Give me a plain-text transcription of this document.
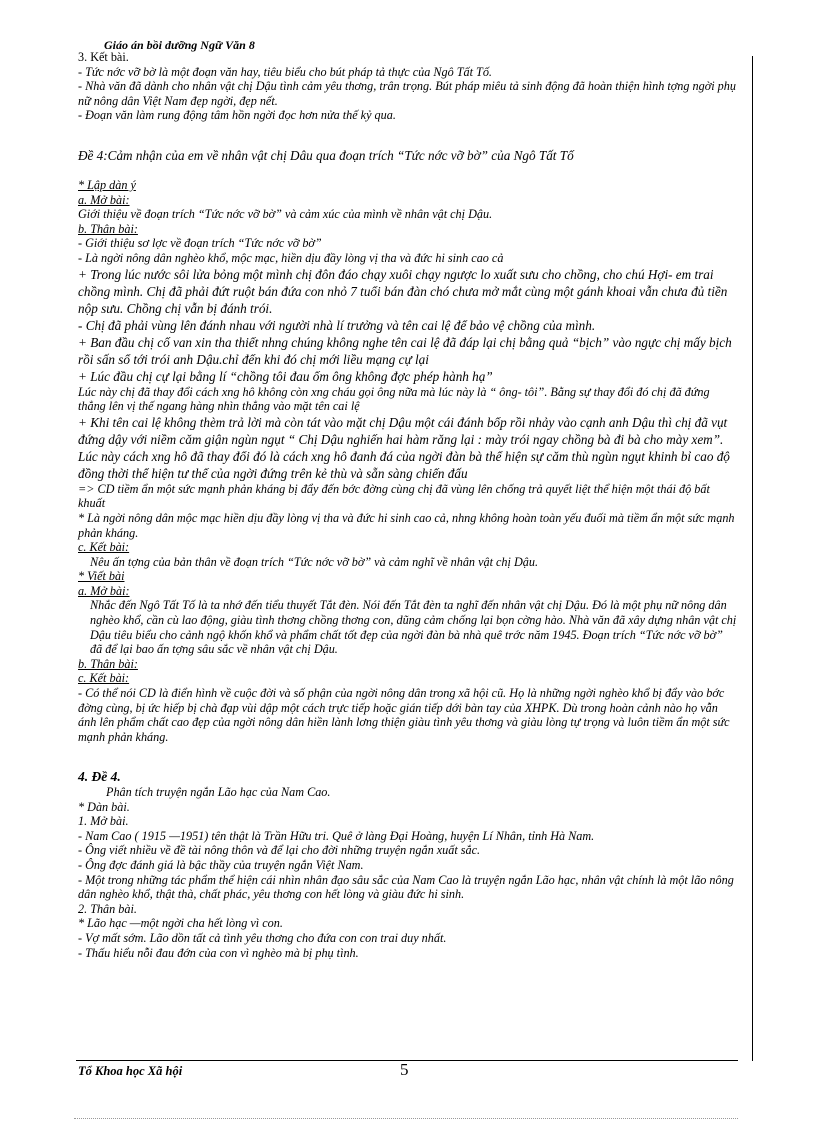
Giáo án bồi dưỡng Ngữ Văn 8

3. Kết bài.

- Tức nớc vỡ bờ là một đoạn văn hay, tiêu biểu cho bút pháp tả thực của Ngô Tất Tố.

- Nhà văn đã dành cho nhân vật chị Dậu tình cảm yêu thơng, trân trọng. Bút pháp miêu tả sinh động đã hoàn thiện hình tợng ngời phụ nữ nông dân Việt Nam đẹp ngời, đẹp nết.

- Đoạn văn làm rung động tâm hồn ngời đọc hơn nửa thế kỷ qua.

Đề 4:Cảm nhận của em về nhân vật chị Dâu qua đoạn trích “Tức nớc vỡ bờ” của Ngô Tất Tố

* Lập dàn ý

a. Mở bài:

Giới thiệu về đoạn trích “Tức nớc vỡ bờ” và cảm xúc của mình về nhân vật chị Dậu.

b. Thân bài:

- Giới thiệu sơ lợc về đoạn trích “Tức nớc vỡ bờ”

- Là ngời nông dân nghèo khổ, mộc mạc, hiền dịu đầy lòng vị tha và đức hi sinh cao cả

+ Trong lúc nước sôi lửa bỏng một mình chị đôn đáo chạy xuôi chạy ngược lo xuất sưu cho chồng, cho chú Hợi- em trai chồng mình. Chị đã phải đứt ruột bán đứa con nhỏ 7 tuổi bán đàn chó chưa mở mắt cùng một gánh khoai vẫn chưa đủ tiền nộp sưu. Chồng chị vẫn bị đánh trói.

- Chị đã phải vùng lên đánh nhau với người nhà lí trưởng và tên cai lệ để bảo vệ chồng của mình.

+ Ban đầu chị cố van xin tha thiết nhng chúng không nghe tên cai lệ đã đáp lại chị bằng quả “bịch” vào ngực chị mấy bịch rồi sấn sổ tới trói anh Dậu.chỉ đến khi đó chị mới liều mạng cự lại

+ Lúc đầu chị cự lại bằng lí “chồng tôi đau ốm ông không đợc phép hành hạ”

Lúc này chị đã thay đổi cách xng hô không còn xng cháu gọi ông nữa mà lúc này là “ ông- tôi”. Bằng sự thay đổi đó chị đã đứng thẳng lên vị thế ngang hàng nhìn thẳng vào mặt tên cai lệ

+ Khi tên cai lệ không thèm trả lời mà còn tát vào mặt chị Dậu một cái đánh bốp rồi nhảy vào cạnh anh Dậu thì chị đã vụt đứng dậy với niềm căm giận ngùn ngụt “ Chị Dậu nghiến hai hàm răng lại : mày trói ngay chồng bà đi bà cho mày xem”. Lúc này cách xng hô đã thay đổi đó là cách xng hô đanh đá của ngời đàn bà thể hiện sự căm thù ngùn ngụt khinh bỉ cao độ đồng thời thể hiện tư thế của ngời đứng trên kẻ thù và sẵn sàng chiến đấu

=> CD tiềm ẩn một sức mạnh phản kháng bị đẩy đến bớc đờng cùng chị đã vùng lên chống trả quyết liệt thể hiện một thái độ bất khuất

* Là ngời nông dân mộc mạc hiền dịu đầy lòng vị tha và đức hi sinh cao cả, nhng không hoàn toàn yếu đuối mà tiềm ẩn một sức mạnh phản kháng.

c. Kết bài:

Nêu ấn tợng của bản thân về đoạn trích “Tức nớc vỡ bờ” và cảm nghĩ về nhân vật chị Dậu.

* Viết bài

a. Mở bài:

Nhắc đến Ngô Tất Tố là ta nhớ đến tiểu thuyết Tắt đèn. Nói đến Tắt đèn ta nghĩ đến nhân vật chị Dậu. Đó là một phụ nữ nông dân nghèo khổ, cần cù lao động, giàu tình thơng chồng thơng con, dũng cảm chống lại bọn cờng hào. Nhà văn đã xây dựng nhân vật chị Dậu tiêu biểu cho cảnh ngộ khốn khổ và phẩm chất tốt đẹp của ngời đàn bà nhà quê trớc năm 1945. Đoạn trích “Tức nớc vỡ bờ” đã để lại bao ấn tợng sâu sắc về nhân vật chị Dậu.

b. Thân bài:

c. Kết bài:

- Có thể nói CD là điển hình về cuộc đời và số phận của ngời nông dân trong xã hội cũ. Họ là những ngời nghèo khổ bị đẩy vào bớc đờng cùng, bị ức hiếp bị chà đạp vùi dập một cách trực tiếp hoặc gián tiếp dới bàn tay của XHPK. Dù trong hoàn cảnh nào họ vẫn ánh lên phẩm chất cao đẹp của ngời nông dân hiền lành lơng thiện giàu tình yêu thơng và giàu lòng tự trọng và luôn tiềm ẩn một sức mạnh phản kháng.

4. Đề 4.

Phân tích truyện ngắn Lão hạc của Nam Cao.

* Dàn bài.

1. Mở bài.

- Nam Cao ( 1915 —1951) tên thật là Trần Hữu tri. Quê ở làng Đại Hoàng, huyện Lí Nhân, tỉnh Hà Nam.

- Ông viết nhiều về đề tài nông thôn và để lại cho đời những truyện ngắn xuất sắc.

- Ông đợc đánh giá là bậc thầy của truyện ngắn Việt Nam.

- Một trong những tác phẩm thể hiện cái nhìn nhân đạo sâu sắc của Nam Cao là truyện ngắn Lão hạc, nhân vật chính là một lão nông dân nghèo khổ, thật thà, chất phác, yêu thơng con hết lòng và giàu đức hi sinh.

2. Thân bài.

* Lão hạc —một ngời cha hết lòng vì con.

- Vợ mất sớm. Lão dồn tất cả tình yêu thơng cho đứa con con trai duy nhất.

- Thấu hiểu nỗi đau đớn của con vì nghèo mà bị phụ tình.

Tổ Khoa học Xã hội	5
